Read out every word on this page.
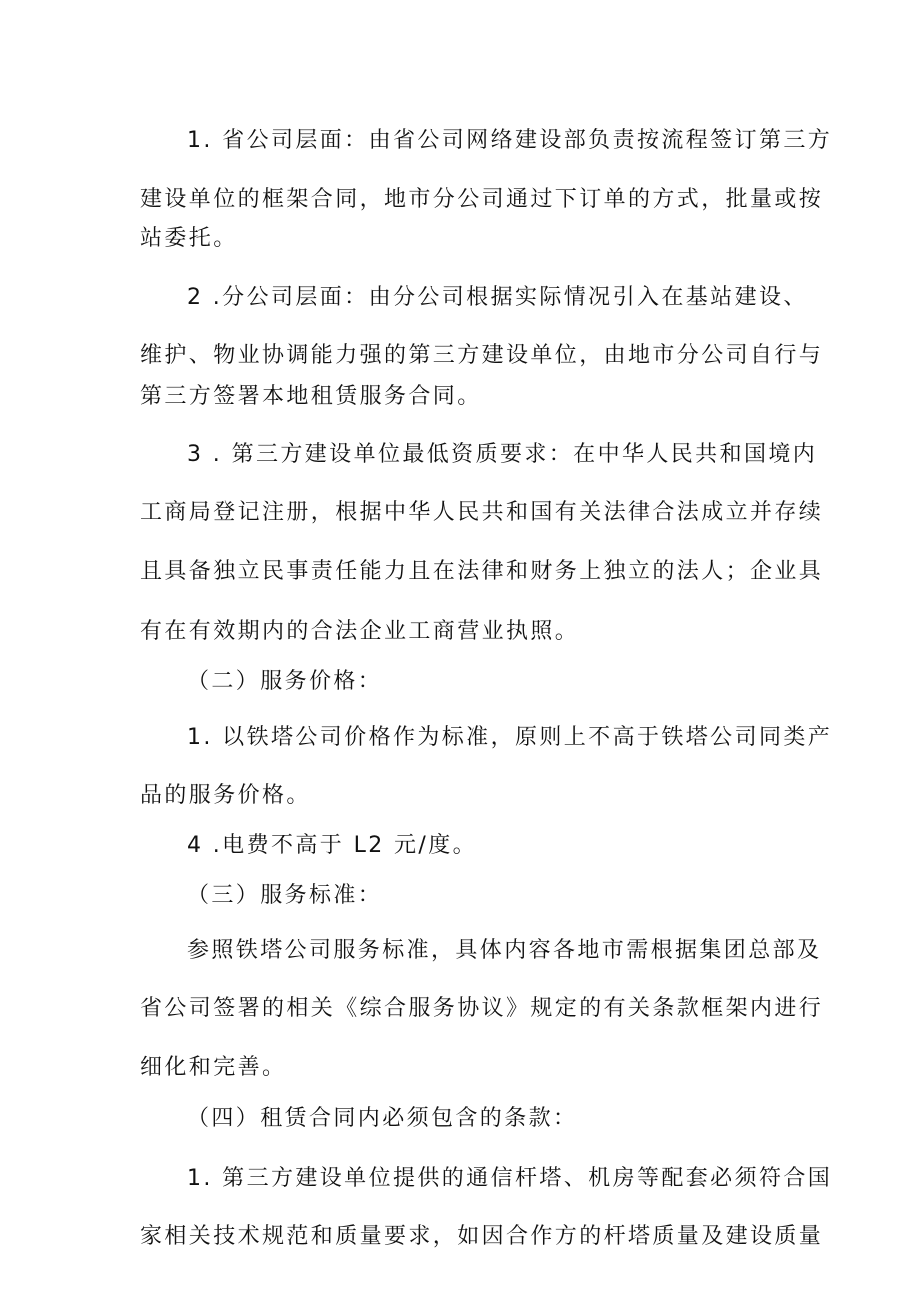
1. 省公司层面：由省公司网络建设部负责按流程签订第三方

建设单位的框架合同，地市分公司通过下订单的方式，批量或按

站委托。

2 .分公司层面：由分公司根据实际情况引入在基站建设、

维护、物业协调能力强的第三方建设单位，由地市分公司自行与

第三方签署本地租赁服务合同。

3 . 第三方建设单位最低资质要求：在中华人民共和国境内

工商局登记注册，根据中华人民共和国有关法律合法成立并存续

且具备独立民事责任能力且在法律和财务上独立的法人；企业具

有在有效期内的合法企业工商营业执照。

（二）服务价格：

1. 以铁塔公司价格作为标准，原则上不高于铁塔公司同类产

品的服务价格。

4 .电费不高于 L2 元/度。

（三）服务标准：

参照铁塔公司服务标准，具体内容各地市需根据集团总部及

省公司签署的相关《综合服务协议》规定的有关条款框架内进行

细化和完善。

（四）租赁合同内必须包含的条款：

1. 第三方建设单位提供的通信杆塔、机房等配套必须符合国

家相关技术规范和质量要求，如因合作方的杆塔质量及建设质量
